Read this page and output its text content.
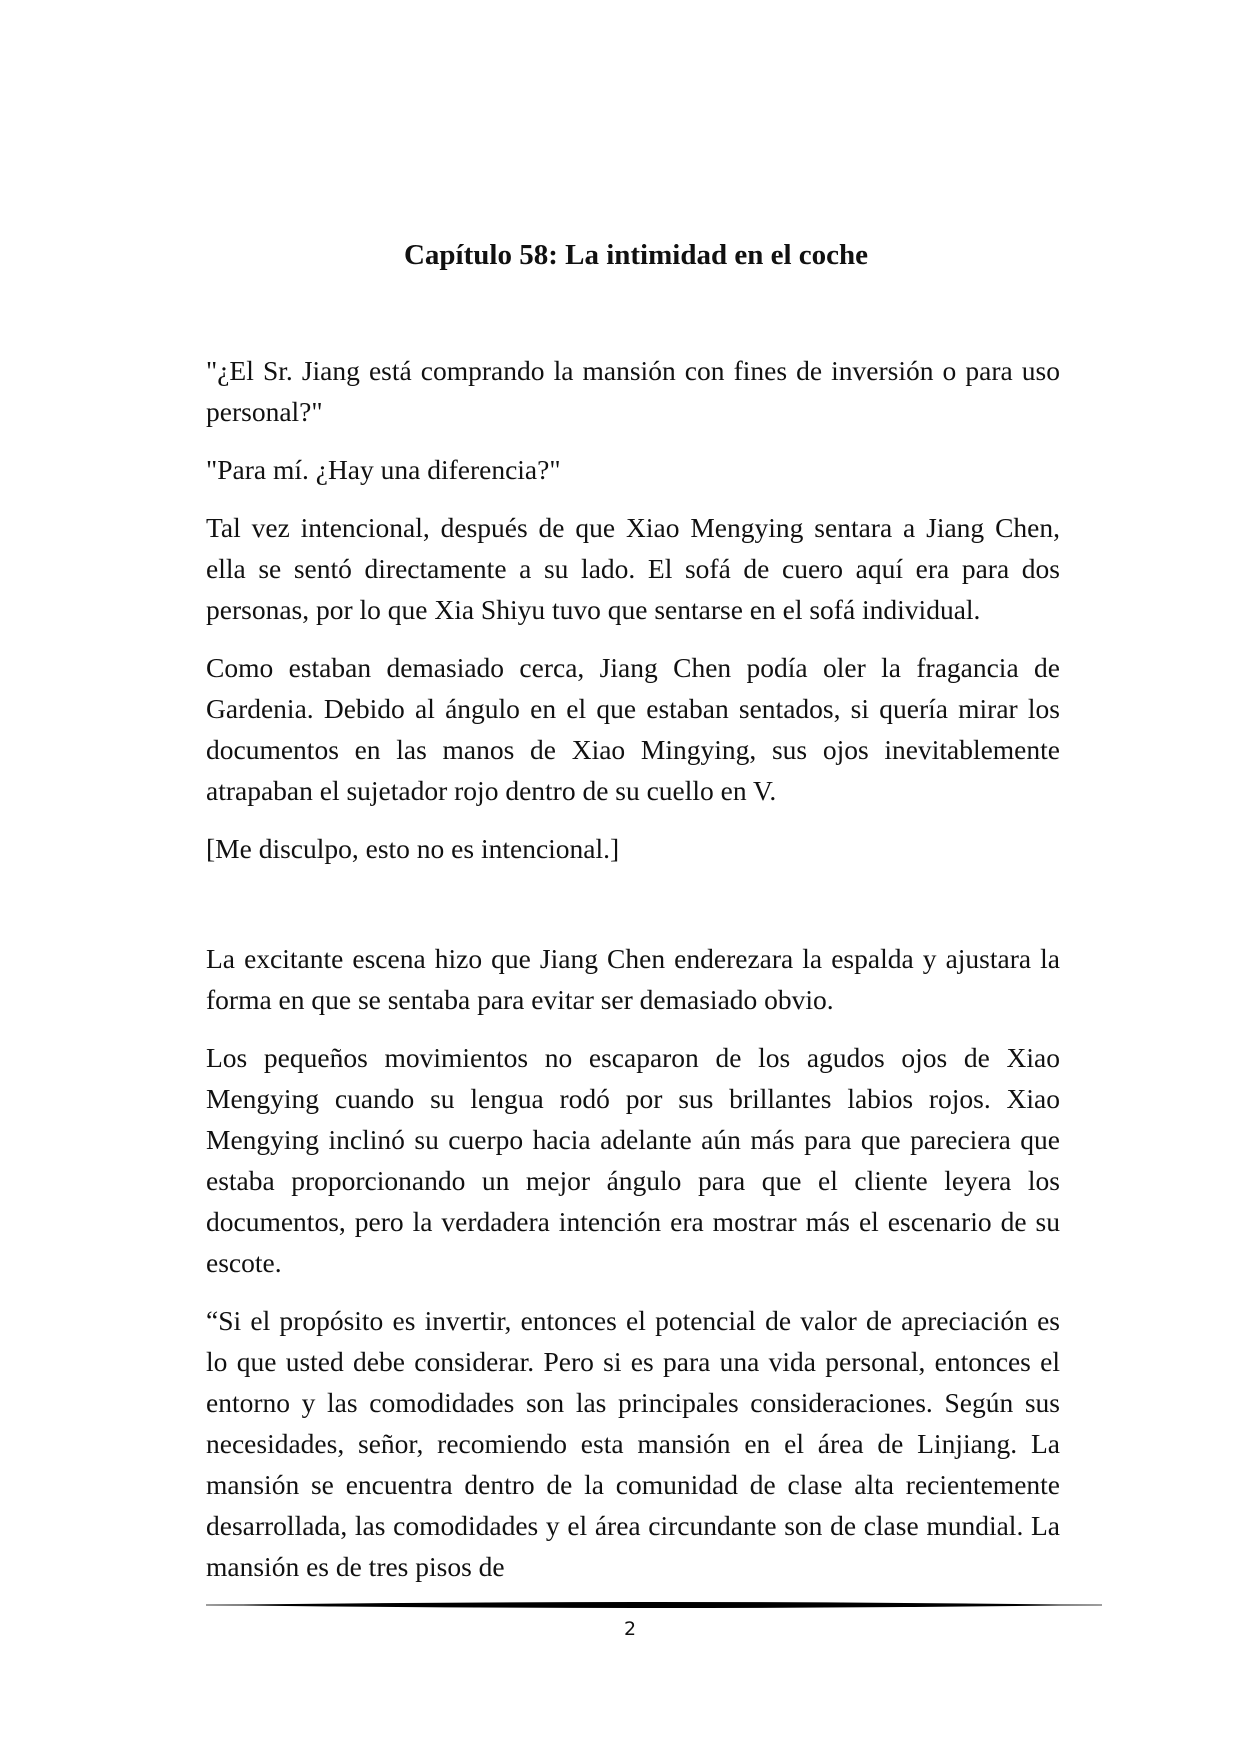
Capítulo 58: La intimidad en el coche

"¿El Sr. Jiang está comprando la mansión con fines de inversión o para uso personal?"

"Para mí. ¿Hay una diferencia?"

Tal vez intencional, después de que Xiao Mengying sentara a Jiang Chen, ella se sentó directamente a su lado. El sofá de cuero aquí era para dos personas, por lo que Xia Shiyu tuvo que sentarse en el sofá individual.

Como estaban demasiado cerca, Jiang Chen podía oler la fragancia de Gardenia. Debido al ángulo en el que estaban sentados, si quería mirar los documentos en las manos de Xiao Mingying, sus ojos inevitablemente atrapaban el sujetador rojo dentro de su cuello en V.

[Me disculpo, esto no es intencional.]

La excitante escena hizo que Jiang Chen enderezara la espalda y ajustara la forma en que se sentaba para evitar ser demasiado obvio.

Los pequeños movimientos no escaparon de los agudos ojos de Xiao Mengying cuando su lengua rodó por sus brillantes labios rojos. Xiao Mengying inclinó su cuerpo hacia adelante aún más para que pareciera que estaba proporcionando un mejor ángulo para que el cliente leyera los documentos, pero la verdadera intención era mostrar más el escenario de su escote.

“Si el propósito es invertir, entonces el potencial de valor de apreciación es lo que usted debe considerar. Pero si es para una vida personal, entonces el entorno y las comodidades son las principales consideraciones. Según sus necesidades, señor, recomiendo esta mansión en el área de Linjiang. La mansión se encuentra dentro de la comunidad de clase alta recientemente desarrollada, las comodidades y el área circundante son de clase mundial. La mansión es de tres pisos de

2
